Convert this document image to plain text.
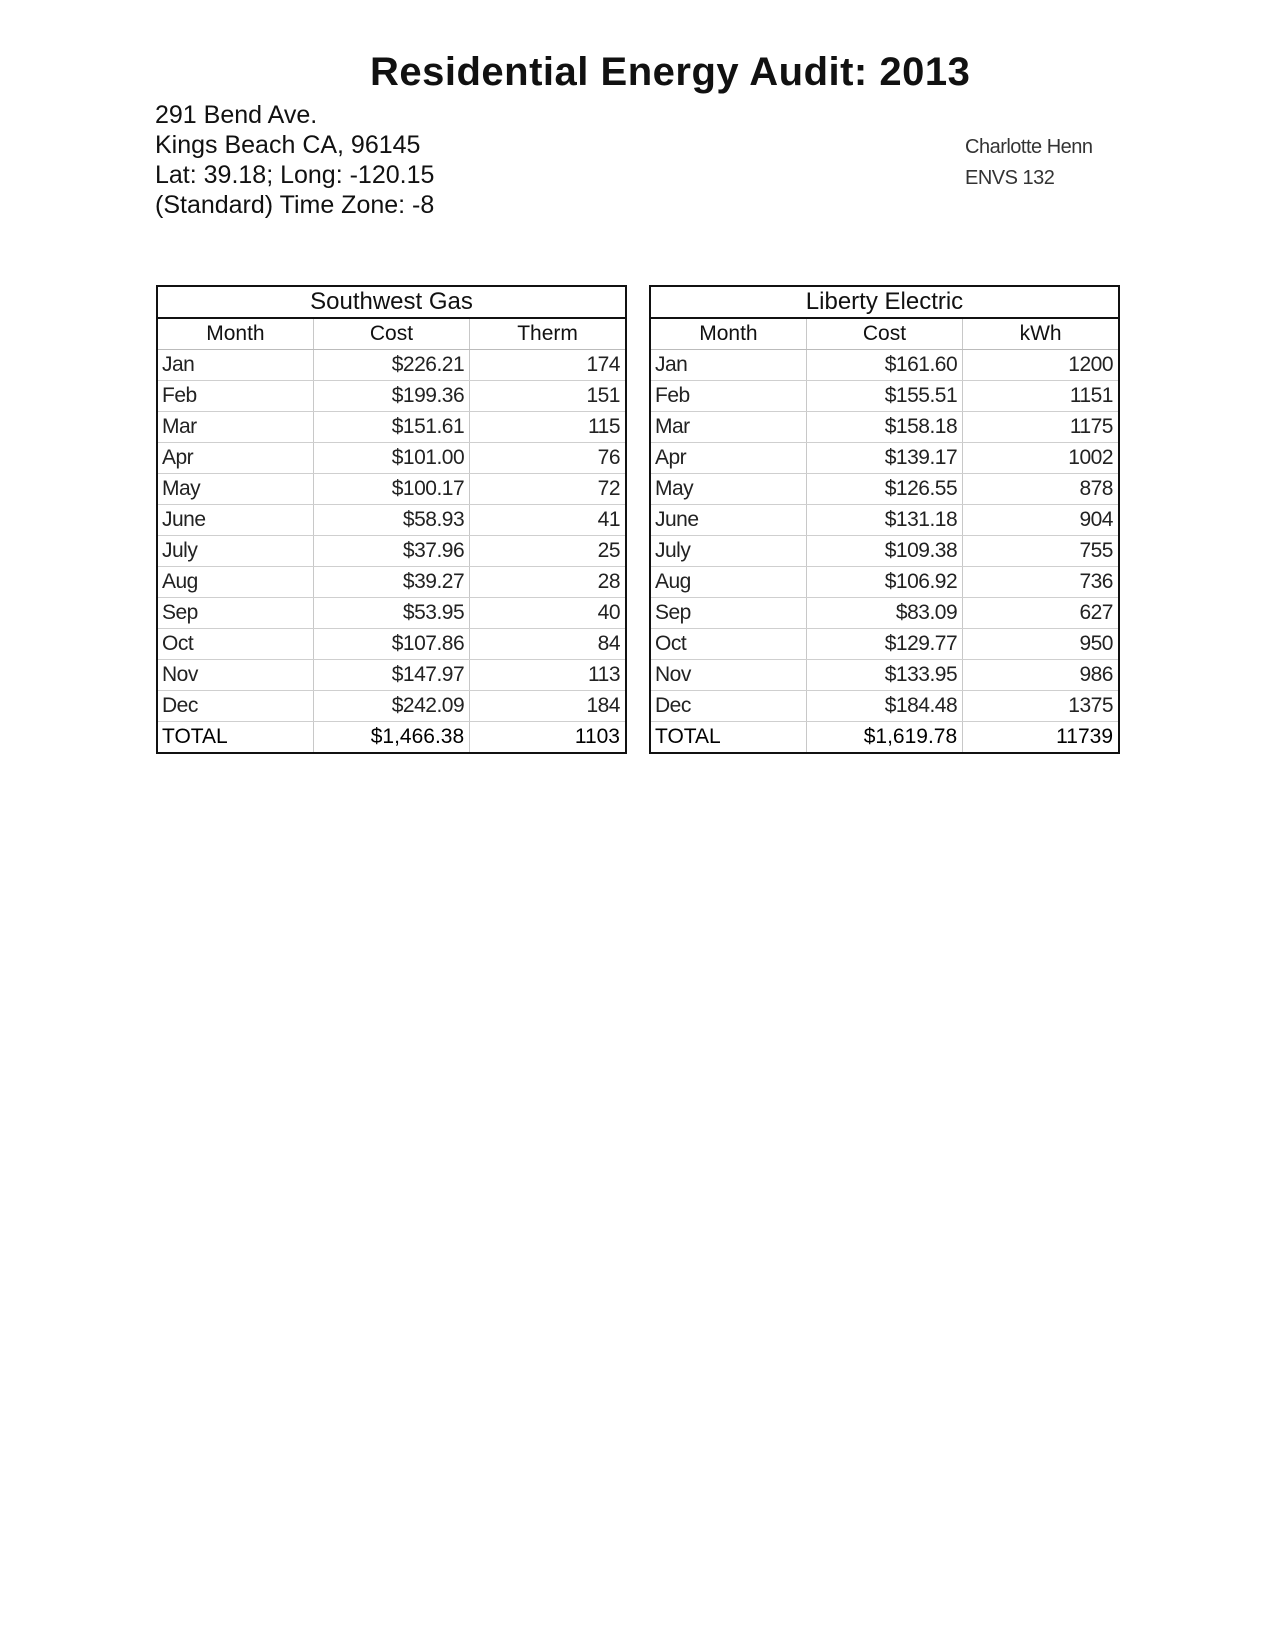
Residential Energy Audit: 2013
291 Bend Ave.
Kings Beach CA, 96145
Lat: 39.18; Long: -120.15
(Standard) Time Zone: -8
Charlotte Henn
ENVS 132
Southwest Gas		
Month	Cost	Therm
Jan	$226.21	174
Feb	$199.36	151
Mar	$151.61	115
Apr	$101.00	76
May	$100.17	72
June	$58.93	41
July	$37.96	25
Aug	$39.27	28
Sep	$53.95	40
Oct	$107.86	84
Nov	$147.97	113
Dec	$242.09	184
TOTAL	$1,466.38	1103
Liberty Electric		
Month	Cost	kWh
Jan	$161.60	1200
Feb	$155.51	1151
Mar	$158.18	1175
Apr	$139.17	1002
May	$126.55	878
June	$131.18	904
July	$109.38	755
Aug	$106.92	736
Sep	$83.09	627
Oct	$129.77	950
Nov	$133.95	986
Dec	$184.48	1375
TOTAL	$1,619.78	11739
